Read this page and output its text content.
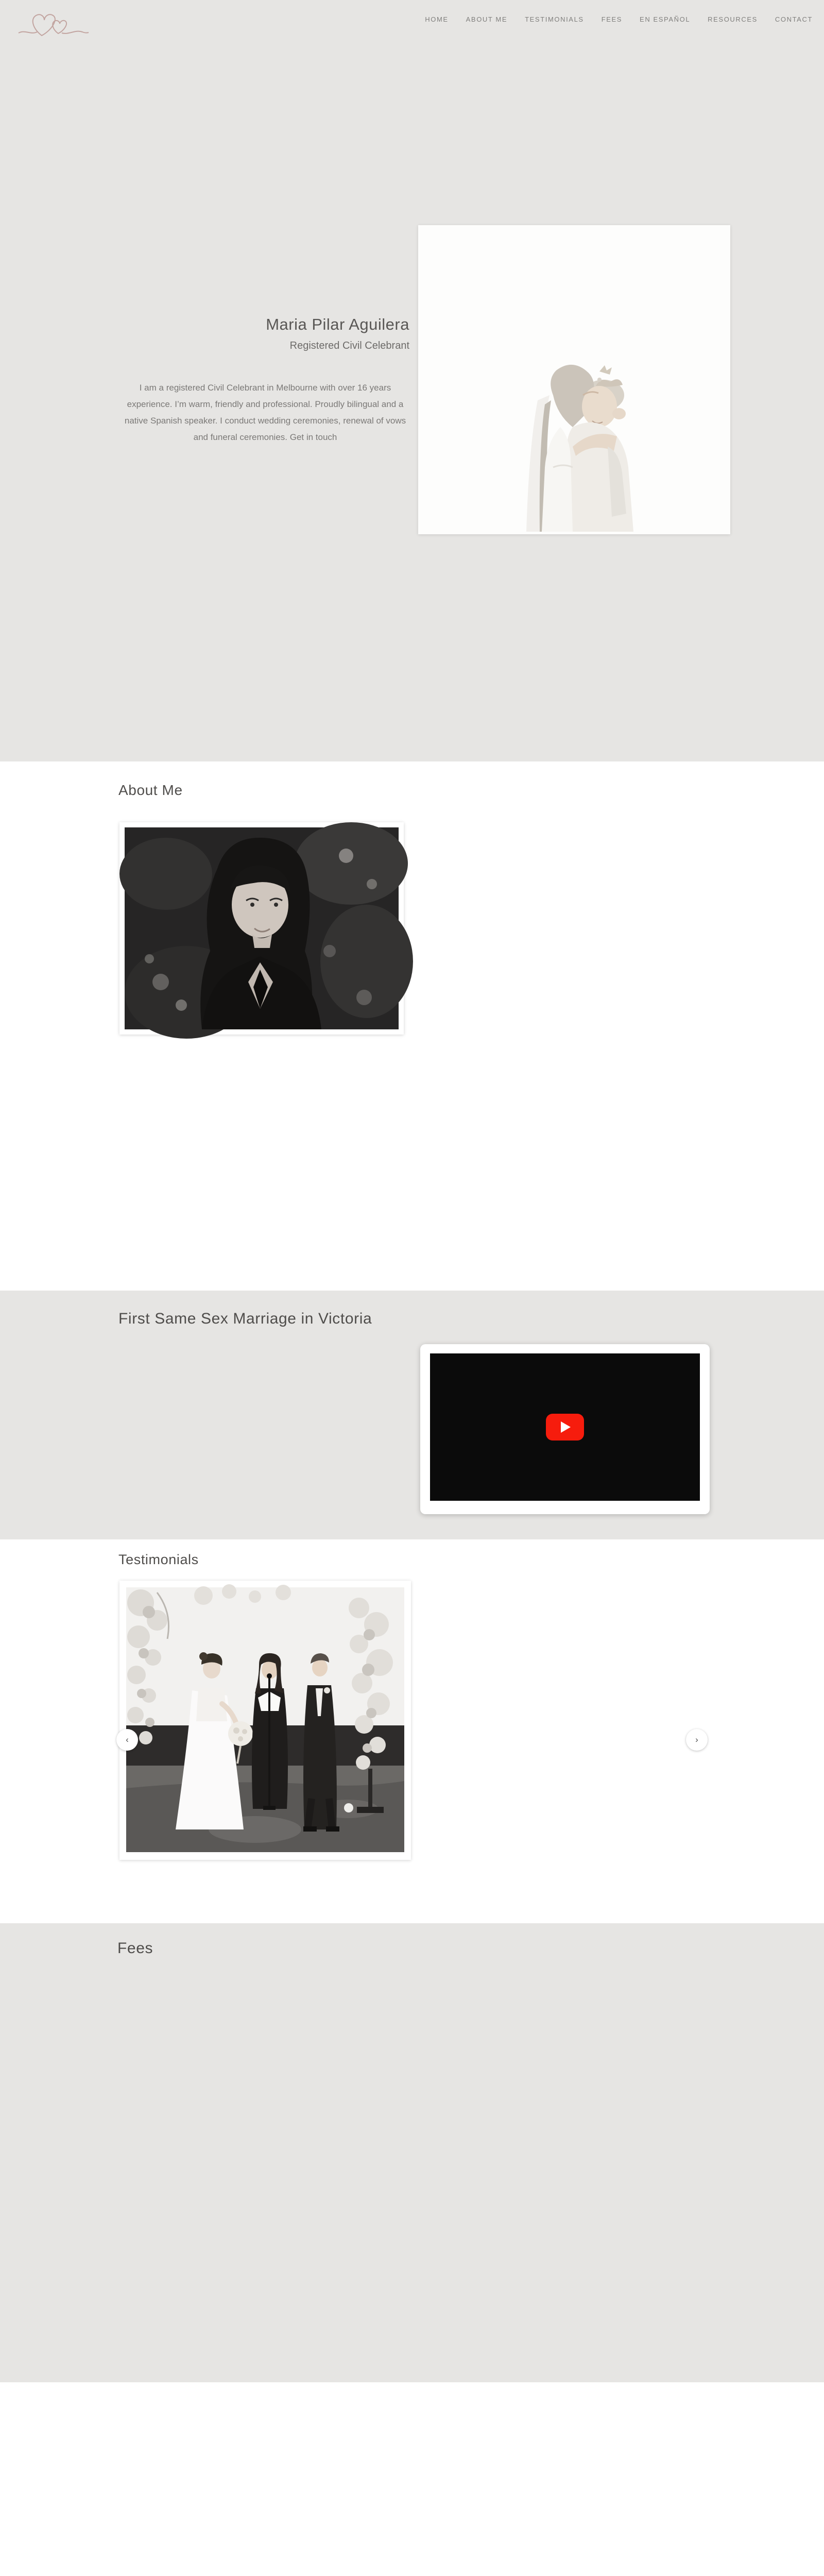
HOME	ABOUT ME	TESTIMONIALS	FEES	EN ESPAÑOL	RESOURCES	CONTACT
Maria Pilar Aguilera
Registered Civil Celebrant

I am a registered Civil Celebrant in Melbourne with over 16 years experience. I’m warm, friendly and professional. Proudly bilingual and a native Spanish speaker. I conduct wedding ceremonies, renewal of vows and funeral ceremonies. Get in touch

About Me

First Same Sex Marriage in Victoria
Testimonials
‹	›
Fees
